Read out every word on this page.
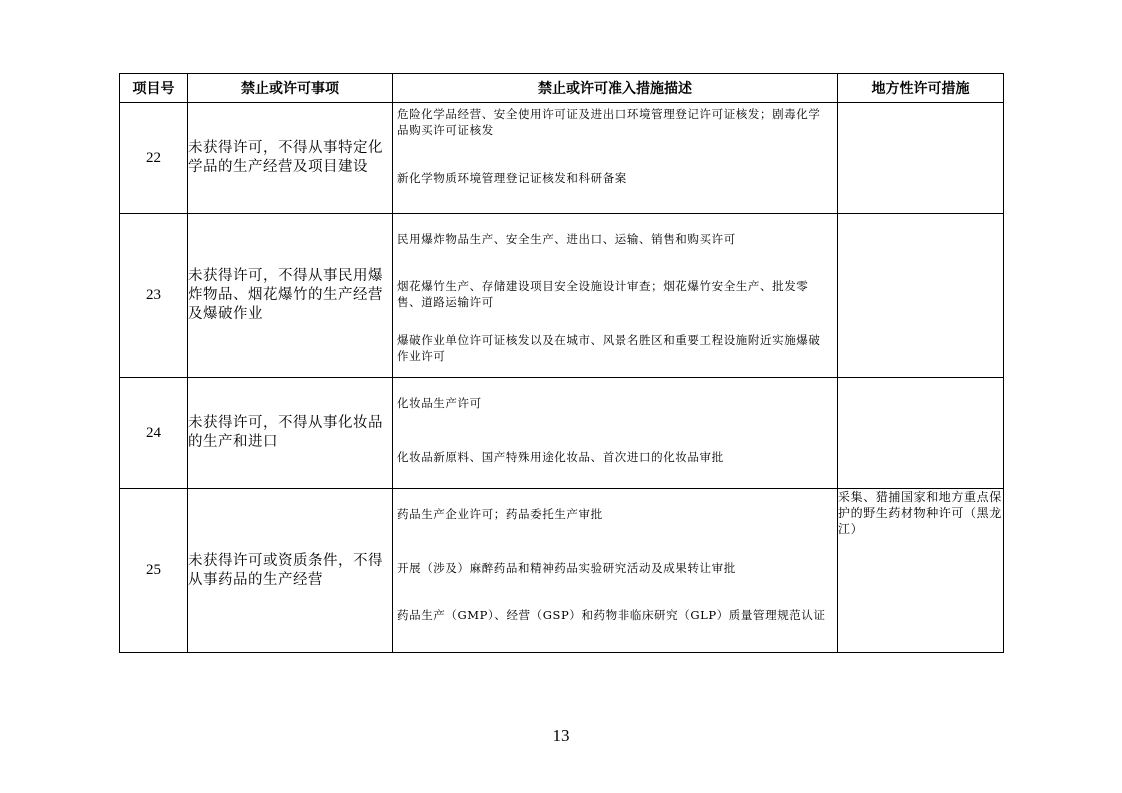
项目号	禁止或许可事项	禁止或许可准入措施描述	地方性许可措施
22	未获得许可，不得从事特定化学品的生产经营及项目建设	危险化学品经营、安全使用许可证及进出口环境管理登记许可证核发；剧毒化学品购买许可证核发
新化学物质环境管理登记证核发和科研备案	

23	未获得许可，不得从事民用爆炸物品、烟花爆竹的生产经营及爆破作业	民用爆炸物品生产、安全生产、进出口、运输、销售和购买许可
烟花爆竹生产、存储建设项目安全设施设计审查；烟花爆竹安全生产、批发零售、道路运输许可
爆破作业单位许可证核发以及在城市、风景名胜区和重要工程设施附近实施爆破作业许可	

24	未获得许可，不得从事化妆品的生产和进口	化妆品生产许可
化妆品新原料、国产特殊用途化妆品、首次进口的化妆品审批	

25	未获得许可或资质条件，不得从事药品的生产经营	药品生产企业许可；药品委托生产审批
开展（涉及）麻醉药品和精神药品实验研究活动及成果转让审批
药品生产（GMP）、经营（GSP）和药物非临床研究（GLP）质量管理规范认证	采集、猎捕国家和地方重点保护的野生药材物种许可（黑龙江）
13
